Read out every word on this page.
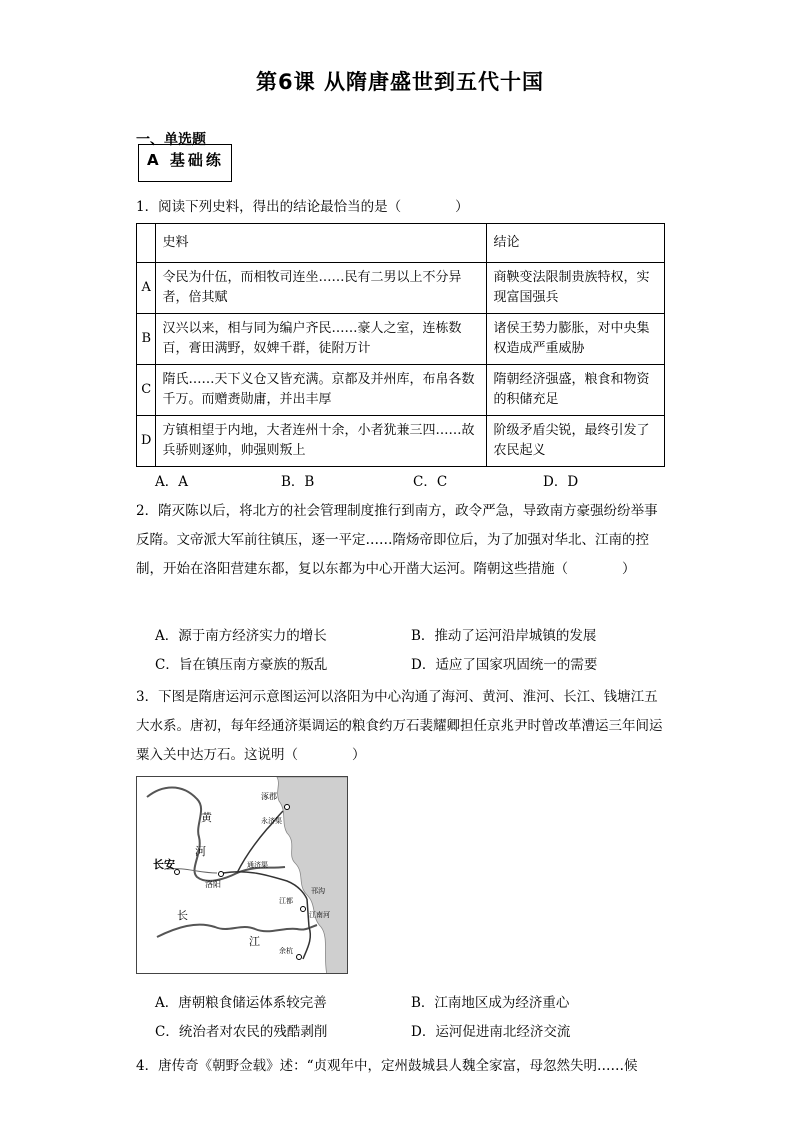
第6课 从隋唐盛世到五代十国
一、单选题
A 基础练
1．阅读下列史料，得出的结论最恰当的是（　　　　）
	史料	结论
A	令民为什伍，而相牧司连坐……民有二男以上不分异者，倍其赋	商鞅变法限制贵族特权，实现富国强兵
B	汉兴以来，相与同为编户齐民……豪人之室，连栋数百，膏田满野，奴婢千群，徒附万计	诸侯王势力膨胀，对中央集权造成严重威胁
C	隋氏……天下义仓又皆充满。京都及并州库，布帛各数千万。而赠赉勋庸，并出丰厚	隋朝经济强盛，粮食和物资的积储充足
D	方镇相望于内地，大者连州十余，小者犹兼三四……故兵骄则逐帅，帅强则叛上	阶级矛盾尖锐，最终引发了农民起义
A．A	B．B	C．C	D．D
2．隋灭陈以后，将北方的社会管理制度推行到南方，政令严急，导致南方豪强纷纷举事反隋。文帝派大军前往镇压，逐一平定……隋炀帝即位后，为了加强对华北、江南的控制，开始在洛阳营建东都，复以东都为中心开凿大运河。隋朝这些措施（　　　　）
A．源于南方经济实力的增长	B．推动了运河沿岸城镇的发展
C．旨在镇压南方豪族的叛乱	D．适应了国家巩固统一的需要
3．下图是隋唐运河示意图运河以洛阳为中心沟通了海河、黄河、淮河、长江、钱塘江五大水系。唐初，每年经通济渠调运的粮食约万石裴耀卿担任京兆尹时曾改革漕运三年间运粟入关中达万石。这说明（　　　　）
黄
河
涿郡
永济渠
长安
洛阳
通济渠
邗沟
江都
江南河
长
江
余杭
A．唐朝粮食储运体系较完善	B．江南地区成为经济重心
C．统治者对农民的残酷剥削	D．运河促进南北经济交流
4．唐传奇《朝野佥载》述：“贞观年中，定州鼓城县人魏全家富，母忽然失明……候
